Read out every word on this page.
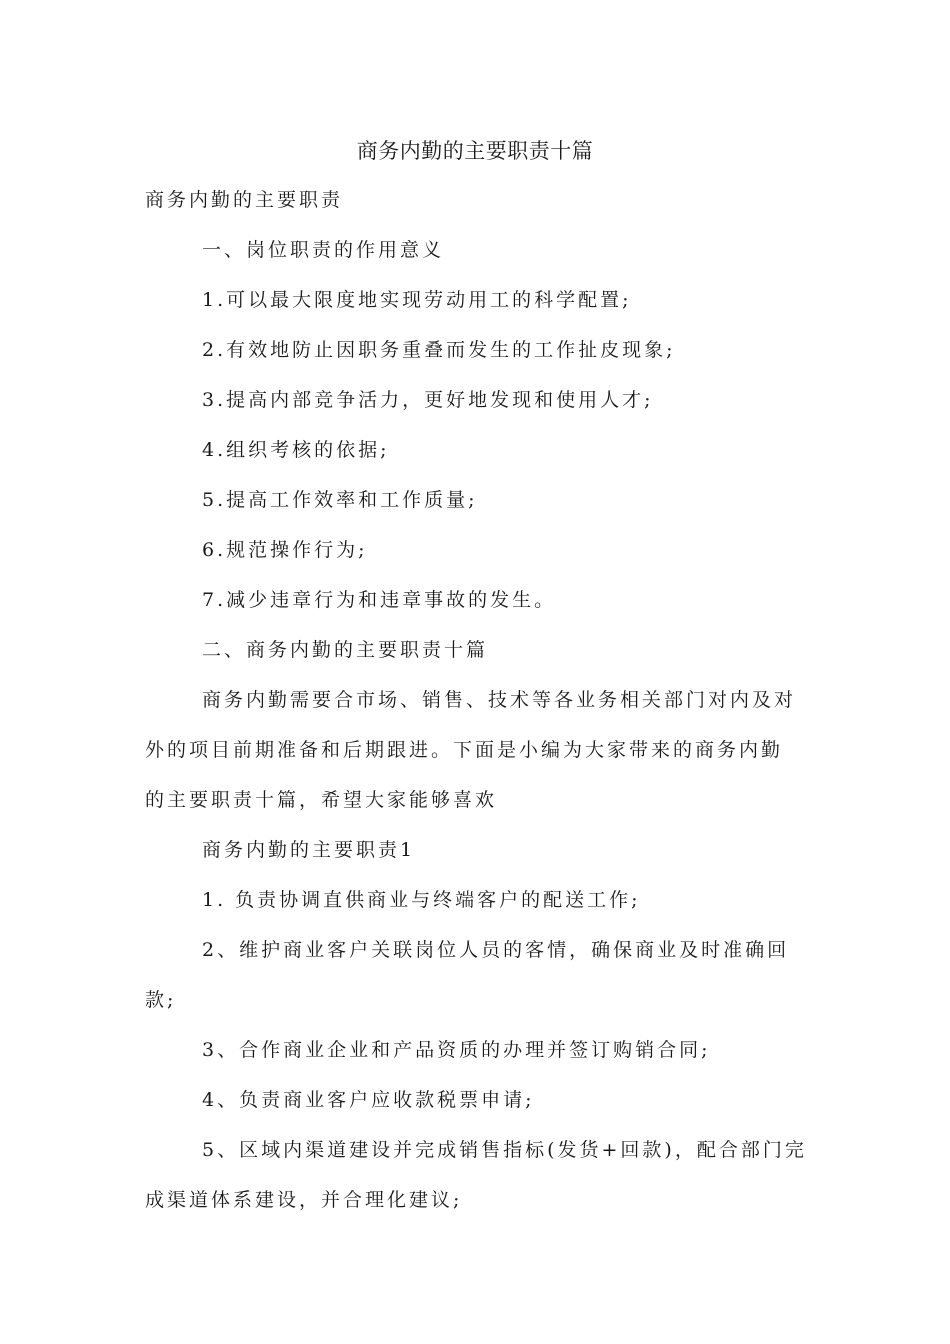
商务内勤的主要职责十篇
商务内勤的主要职责
一、岗位职责的作用意义
1.可以最大限度地实现劳动用工的科学配置;
2.有效地防止因职务重叠而发生的工作扯皮现象;
3.提高内部竞争活力，更好地发现和使用人才;
4.组织考核的依据;
5.提高工作效率和工作质量;
6.规范操作行为;
7.减少违章行为和违章事故的发生。
二、商务内勤的主要职责十篇
商务内勤需要合市场、销售、技术等各业务相关部门对内及对
外的项目前期准备和后期跟进。下面是小编为大家带来的商务内勤
的主要职责十篇，希望大家能够喜欢
商务内勤的主要职责1
1. 负责协调直供商业与终端客户的配送工作;
2、维护商业客户关联岗位人员的客情，确保商业及时准确回
款;
3、合作商业企业和产品资质的办理并签订购销合同;
4、负责商业客户应收款税票申请;
5、区域内渠道建设并完成销售指标(发货+回款)，配合部门完
成渠道体系建设，并合理化建议;
